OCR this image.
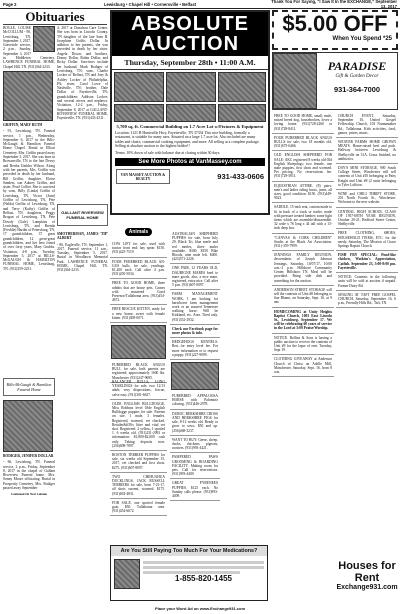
Page 2	Lewisburg • Chapel Hill • Cornersville • Belfast	Thank You For Saying, "I Saw It In the EXCHANGE," September 13, 2017
Obituaries

BOGLE, LOUISE McCOLLUM - 90, Lewisburg, TN, September 1, 2017. Graveside service, 2 p.m., Sunday, September 3, 2017 in Middleton Cemetery. LAWRENCE FUNERAL HOME, Chapel Hill, TN. (931)364-2233.

GRIFFIN, MARY RUTH

- 91, Lewisburg, TN. Funeral service, 1 p.m., Wednesday, September 6, 2017 in the Bills-McGaugh & Hamilton Funeral Home Chapel. Burial in Elliott Cemetery. Mrs. Griffin passed away September 3, 2017. She was born in Brownsville, TN to the late Devoy and Bertha Umbles Wilson. Along with her parents, Mrs. Griffin was preceded in death by her husband, Bill Griffin, daughter, Eloise Sanders, son Aubrey Griffin, and sister, Pearl Collier. She is survived by sons, Billy (Linda) Griffin of Lewisburg, TN, Victor (Joan) Griffin of Lewisburg, TN, Pete (Nelda) Griffin of Lewisburg, TN, and Terry (Kathy) Griffin of Belfast, TN, daughters, Peggy Brogan of Lewisburg, TN, Pete Dowdy (Gale) Lumpkins of Lewisburg, TN, and Brenda (Freddie) Hardin of Petersburg, TN, 17 grandchildren, 37 great grandchildren, 12 great-great grandchildren, and her best friend of over forty years, Mary Grubbs. Visitation, 4-8 p.m., Tuesday, September 5, 2017 at BILLS-McGAUGH & HAMILTON FUNERAL HOME, Lewisburg, TN. (931)359-2231.

Bills-McGaugh & Hamilton Funeral Home

BODIGER, JENIFER DOLLAR

- 66, Lewisburg, TN. Funeral service, 2 p.m., Friday, September 8, 2017 in the chapel of Gallant Riverview Funeral home. Mrs. Sonny Moore officiating. Burial in Prosperity Cemetery. Mrs. Bodiger passed away September

Continued On Next Column

4, 2017 at Donalson Care Center. She was born in Lincoln County, TN daughter of the late Sam B. Josephine Griffis Dollar. In addition to her parents, she was preceded in death by her sister, Angela Dixon; and brothers, Donny Dollar, Robin Dollar, and Ricky Dollar. Survivors include her husband, Mark Bodiger of Lewisburg, TN; sons, Charlie Locker of Belfast, TN and Joey & Ashley Locker of Philadelphia, PA; sister, Carol Lowe of Nashville, TN; brother, Dale Dollar of Fayetteville, TN; grandchildren; Addison Locker; and several nieces and nephews. Visitation, 12-2 p.m., Friday, September 8, 2017 at GALLANT-RIVERVIEW FUNERAL HOME, Fayetteville, TN. (931)433-4311.

GALLANT RIVERVIEW FUNERAL HOME

SMOTHERMAN, JAMES 'TIP' ALBERT

- 86, Eagleville, TN. September 1, 2017. Funeral service, 11 a.m., Tuesday, September 5, 2017. Burial in Woodlawn Memorial Park. LAWRENCE FUNERAL HOME, Chapel Hill, TN. (931)364-2233.

ABSOLUTE AUCTION
Thursday, September 28th • 11:00 A.M.
5,700 sq. ft. Commercial Building on 1.7 Acre Lot w/Fixtures & Equipment
Location: 1121 B Huntsville Hwy, Fayetteville, TN 37334 This nice building, formally a restaurant, is suitable for many uses. Situated on a large 1.7 acre lot. Also included are many tables and chairs, commercial cooking equipment, and more. All selling at a complete package. Selling at absolute auction to the highest bidder!!
Terms: 10% down of sale with balance due at closing within 30 days.
See More Photos at VanMassey.com
VAN MASSEY AUCTION & REALTY	931-433-0606
Animals
COW LIFT for sale, used with tractor front end; hay spear. $150. (931)425-7519.
FOUR PUREBRED BLACK AN-GUS bulls, for sale, yearlings. $1,200 each. Call after 4 p.m. (931)205-5034.
FREE TO GOOD HOME, three rabbits that are house pets. Comes with mastered Good Presence/Tullahoma area. (931)454-4672.
FREE RESCUE KITTEN, ready for a new home, sweet with female kitten. (931)308-0071.
PUREBRED BLACK ANGUS BULL for sale, both parents are registered; approximately 1600 lbs. Manchester. (931)247-9695.
BALANCER BULLS, LONG YEARLINGS for sale, two 12/13 adult; very dispositions, fescue, calve easy. (931)301-6637.
OLDE ENGLISH BULLDOGGE, Miss Robbins level Olde English Bulldogge puppies for sale. Parents on site. 1 male, 3 females. Registered, wormed, vet checked. Retailer&#39;s litter and vital vet shot. Registered. 2 yellow, 1 spotted 1. 6 weeks old. (931)231-2093 or information: $1,800-$2,000 cash only. Taking deposits now. (256)698-7897.
BOSTON TERRIER PUPPIES for sale, six weeks old September 15, 2017, vet checked and first shots. $275. (931)607-8097.
TWO CHIHUAHUA DUCKLINGS, JACK RUSSELL TERRIERS for sale, born 7-21-17, all shots current, wormed. $175. (931)692-4831.
FOR SALE, one spotted female goat, $50. Tullahoma area. (931)454-6672.
AUSTRALIAN SHEPHERD PUPPIES for sale, born July 29, Black Tri, blue merle and red merles, three males available. $300. $350 Bike Bloods, nine male left. $400. (423)571-2226.
ONE PAIR, 12 YEARS OLD, DAUBIGNE MARES bred to mare goods, also, a nice mare, registered, extra nice. Call after 5 p.m. (931)607-0097.
FARM MANAGEMENT WORK, I am looking for barn/horse farm management work or an assured Tennessee walking horse. Will be Kirkland, etc. Area. Tired only. (931)352-2932.
Check our Facebook page for more photos & info.
HEDGEHOGS KENNELS. Best for entry level fee. For more information or to request a puppy. (931)227-9099.
PUREBRED APPALOOSA HORSE with Palomino coloring. (931)446-2978.
DUROC BERKSHIRE CROSS AND BERKSHIRE PIGS for sale, 8-12 weeks old. Ready to grow to sows. $50 and up. (256)468-3237.
WANT TO BUY: Geese, sheep, ducks, chickens, pigeons, roosters. (931)993-4421.
PAMPERED PAWS GROOMING & BOARDING FACILITY. Making room for pets. Call for reservations. (931)993-4409.
GREAT PYRENEES PUPPIES, $125 each. No Sunday calls please. (931)993-4409.
Are You Still Paying Too Much For Your Medications?
1-855-820-1455
$5.00 OFF
When You Spend *25
PARADISE
Gift & Garden Decor
931-364-7000
FREE TO GOOD HOME, small, male, mixed breed dog, housebroken, loves a loving home. (931)728-2260 or (931)728-8411.
FOUR PUREBRED BLACK ANGUS BULLS for sale, two 18 months old. (931)675-6466.
OLD ENGLISH SHEPHERD FOR SALE: AKC registered 8 weeks old Old English Sheepdogs; two female, one male puppies, first shots and wormed. Pet pricing. No reservations fee. (931)729-5811.
EQUESTRIAN ATTIRE, (8) pairs: men's and ladies riding boots, jeans, all sizes, good condition. $150. (931)449-9023.
SADDLE, 15-inch seat, custom made to fit in back of a truck or trailer, made with pressure treated lumber; some light items which are assemble/disassemble. 32 wide x 76 long x 44 tall with a 13-inch deep box.
"CANVAS & CORK CHILDREN" Studio at the Black Art Association. (931)-359-7999.
JENNINGS FAMILY REUNION, descendants of Joseph Johnson Jennings, Saturday, 10/07/17, 10:00 a.m.-2 p.m. Hillsboro Community Center, Hillsboro TN. Meal will be provided. Bring side dish and something for the auction.
ANDERSON STREET STORAGE will sell the contents of Unit #8 belonging to Sue Blame, on Saturday, Sept. 16, at 9 am.
HOMECOMING at Unity Heights Baptist Church, 1003 East Lincoln St., Lewisburg. September 17. We will be celebrating 60 years of service in the Lord at 3:00 Praise/Worship.
NOTICE. Rollins & Sons is having a public auction to recover the contents of Unit #9 for the lapse of rent. Tuesday, Sept 19.
CLOTHING GIVEAWAY at Anderson Church of Christ on Adelle Mill, Manchester, Saturday, Sept. 16, from 8 a.m.
CHURCH EVENT, Saturday, September 16, United Gospel Fellowship Church, 103 Nunnamaker Rd., Tullahoma. Kids activities, food, games, prizes, music.
WEAVER FARMS HOME GROWN MEATS. Home-raised beef and pork. Halfway between Lewisburg & Shelbyville on 31A. Grass finished, no antibiotics.
DAY'S MINI STORAGE, 900 South College Street, Winchester will sell contents of Unit #10 belonging to Patty Knight and Unit #8 (2 units belonging to Tyler Laffoon.
WINE and CHILI THRIFT STORE, 201 North Fourth St., Winchester. Welcome to the new website.
CENTRAL HIGH SCHOOL CLASS OF 1957-68TH YEAR REUNION, October 20-21, Bedford Street Center, Shelbyville.
FREE CLOTHING, SHOES, HOUSEHOLD ITEMS, ETC. for the needy. Saturday, The Mission of Grace Springs Baptist Church.
FISH FRY SPECIAL: Pond-like chicken, Watkins's Appreciation, Catfish. September 23, 5:00-8:00 pm. Fayetteville.
NOTICE: Contents in the following units will be sold at auction if unpaid. Farmer Dairy Rd.
SINGING AT TAFT FREE GOSPEL CHURCH, Saturday, September 16, 6 p.m., Friendly Hills Rd., Taft, TN.
Houses for Rent
Exchange931.com
Place your Word Ad on www.Exchange931.com
